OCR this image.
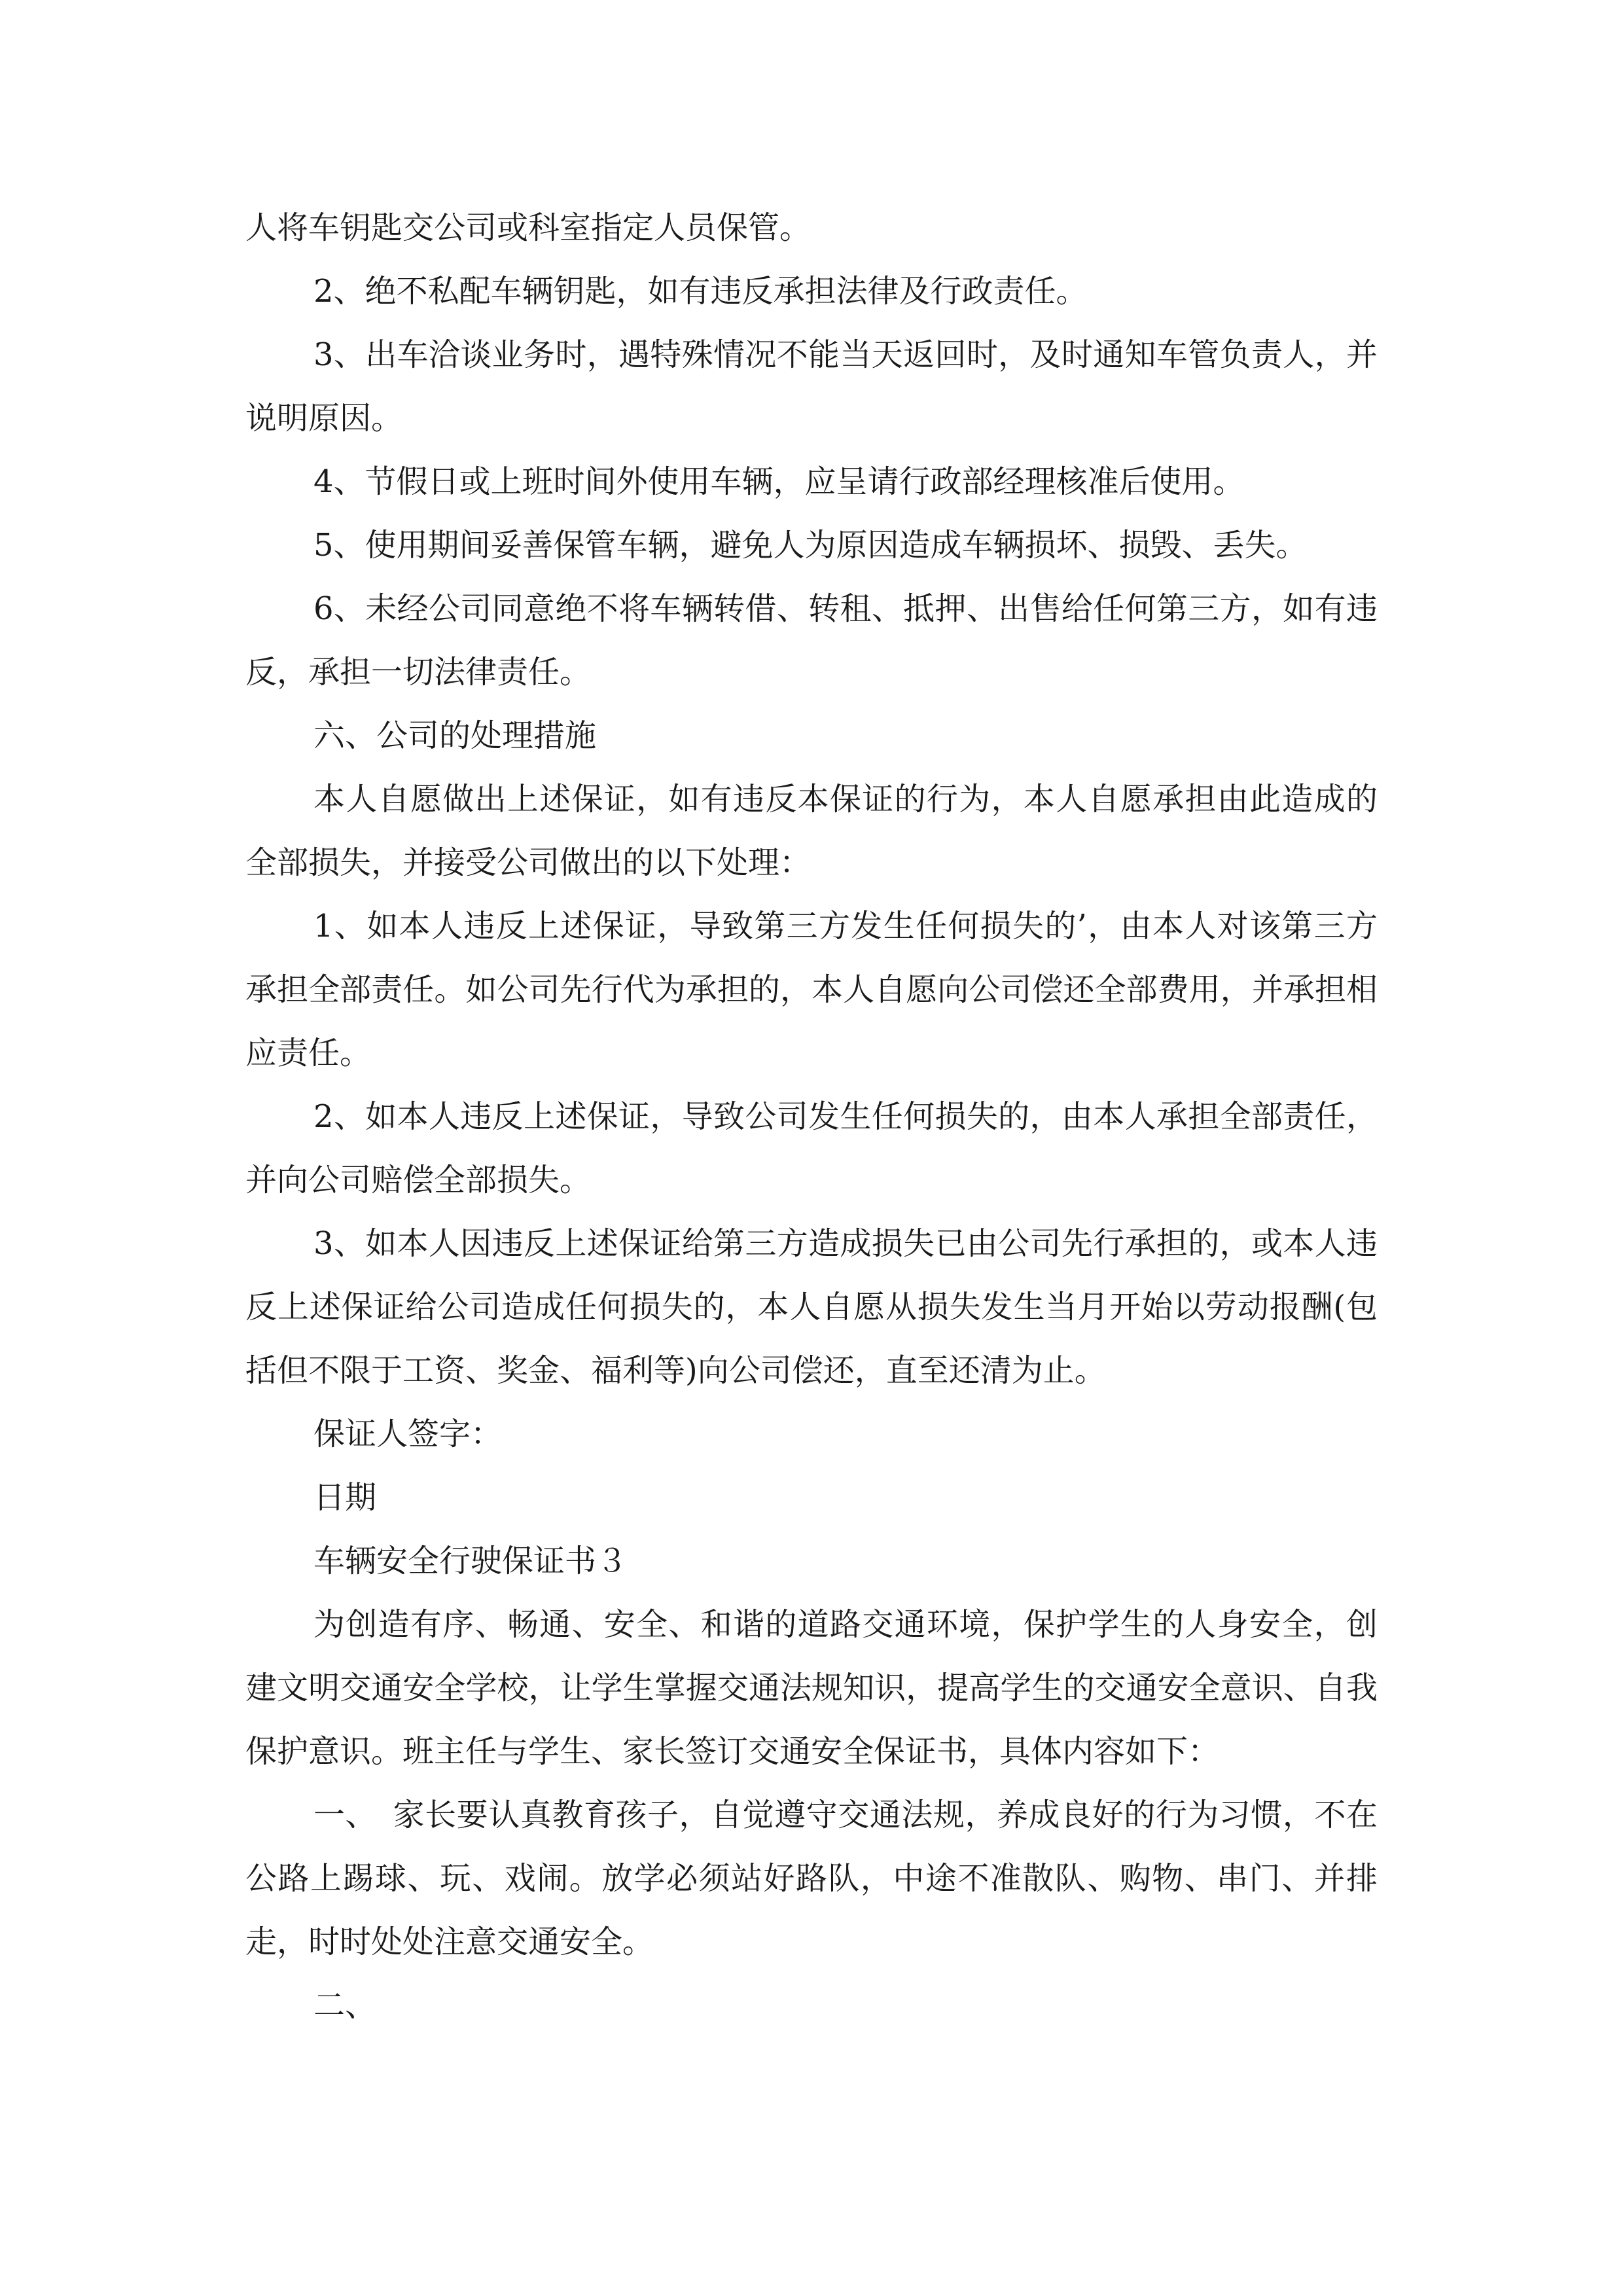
人将车钥匙交公司或科室指定人员保管。

2、绝不私配车辆钥匙，如有违反承担法律及行政责任。

3、出车洽谈业务时，遇特殊情况不能当天返回时，及时通知车管负责人，并说明原因。

4、节假日或上班时间外使用车辆，应呈请行政部经理核准后使用。

5、使用期间妥善保管车辆，避免人为原因造成车辆损坏、损毁、丢失。

6、未经公司同意绝不将车辆转借、转租、抵押、出售给任何第三方，如有违反，承担一切法律责任。

六、公司的处理措施

本人自愿做出上述保证，如有违反本保证的行为，本人自愿承担由此造成的全部损失，并接受公司做出的以下处理：

1、如本人违反上述保证，导致第三方发生任何损失的’，由本人对该第三方承担全部责任。如公司先行代为承担的，本人自愿向公司偿还全部费用，并承担相应责任。

2、如本人违反上述保证，导致公司发生任何损失的，由本人承担全部责任，并向公司赔偿全部损失。

3、如本人因违反上述保证给第三方造成损失已由公司先行承担的，或本人违反上述保证给公司造成任何损失的，本人自愿从损失发生当月开始以劳动报酬(包括但不限于工资、奖金、福利等)向公司偿还，直至还清为止。

保证人签字：

日期

车辆安全行驶保证书３

为创造有序、畅通、安全、和谐的道路交通环境，保护学生的人身安全，创建文明交通安全学校，让学生掌握交通法规知识，提高学生的交通安全意识、自我保护意识。班主任与学生、家长签订交通安全保证书，具体内容如下：

一、　家长要认真教育孩子，自觉遵守交通法规，养成良好的行为习惯，不在公路上踢球、玩、戏闹。放学必须站好路队，中途不准散队、购物、串门、并排走，时时处处注意交通安全。

二、
